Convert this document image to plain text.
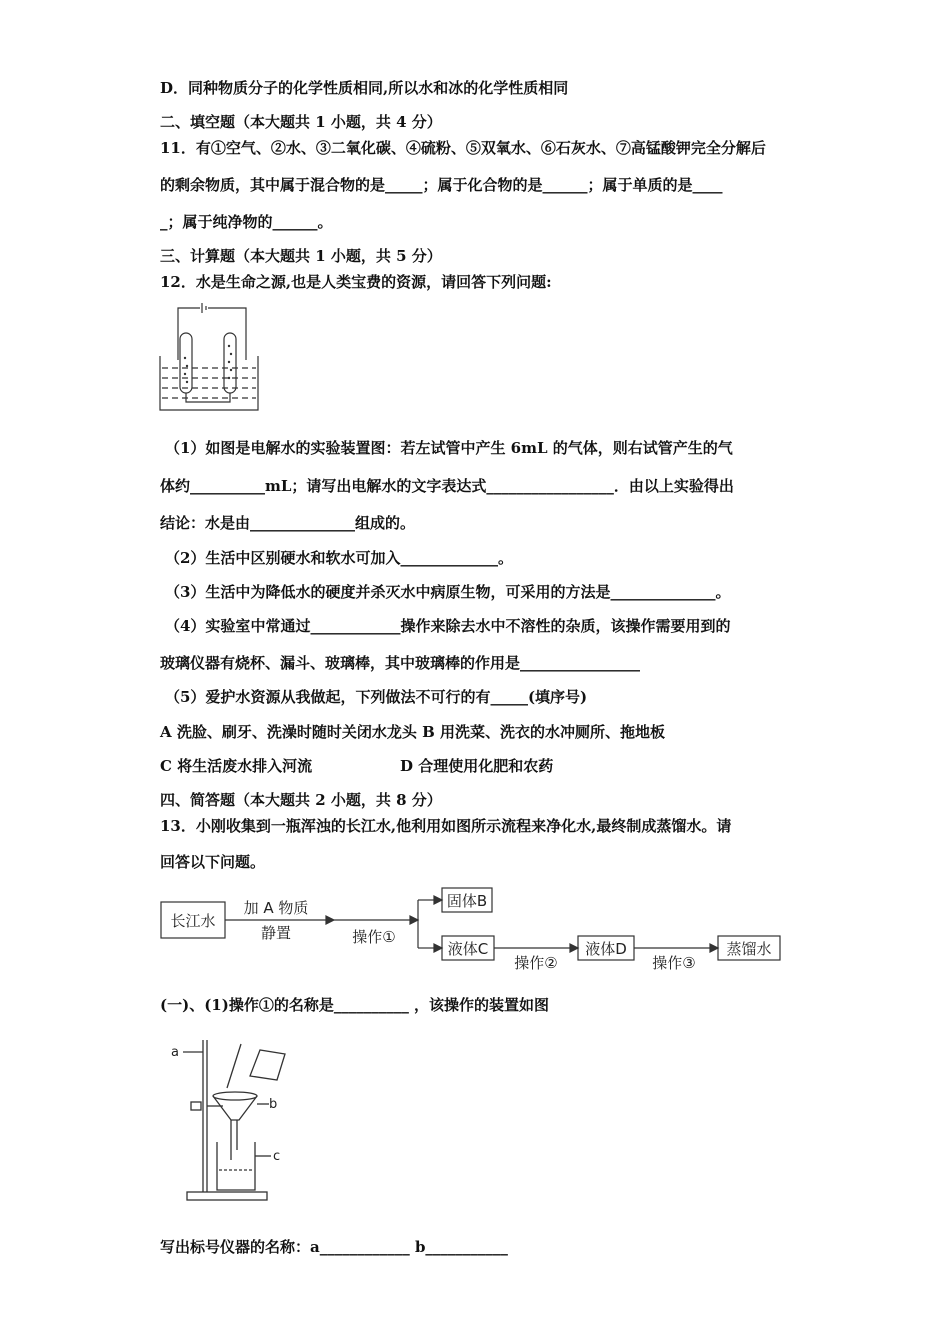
D．同种物质分子的化学性质相同,所以水和冰的化学性质相同
二、填空题（本大题共 1 小题，共 4 分）
11．有①空气、②水、③二氧化碳、④硫粉、⑤双氧水、⑥石灰水、⑦高锰酸钾完全分解后
的剩余物质，其中属于混合物的是_____；属于化合物的是______；属于单质的是____
_；属于纯净物的______。
三、计算题（本大题共 1 小题，共 5 分）
12．水是生命之源,也是人类宝费的资源，请回答下列问题:
（1）如图是电解水的实验装置图：若左试管中产生 6mL 的气体，则右试管产生的气
体约__________mL；请写出电解水的文字表达式_________________．由以上实验得出
结论：水是由______________组成的。
（2）生活中区别硬水和软水可加入_____________。
（3）生活中为降低水的硬度并杀灭水中病原生物，可采用的方法是______________。
（4）实验室中常通过____________操作来除去水中不溶性的杂质，该操作需要用到的
玻璃仪器有烧杯、漏斗、玻璃棒，其中玻璃棒的作用是________________
（5）爱护水资源从我做起，下列做法不可行的有_____(填序号)
A 洗脸、刷牙、洗澡时随时关闭水龙头 B 用洗菜、洗衣的水冲厕所、拖地板
C 将生活废水排入河流	D 合理使用化肥和农药
四、简答题（本大题共 2 小题，共 8 分）
13．小刚收集到一瓶浑浊的长江水,他利用如图所示流程来净化水,最终制成蒸馏水。请
回答以下问题。
长江水
加 A 物质
静置	操作①
固体B
液体C
操作②
液体D
操作③
蒸馏水
(一)、(1)操作①的名称是__________ ，该操作的装置如图
a
b
c
写出标号仪器的名称：a____________ b___________
